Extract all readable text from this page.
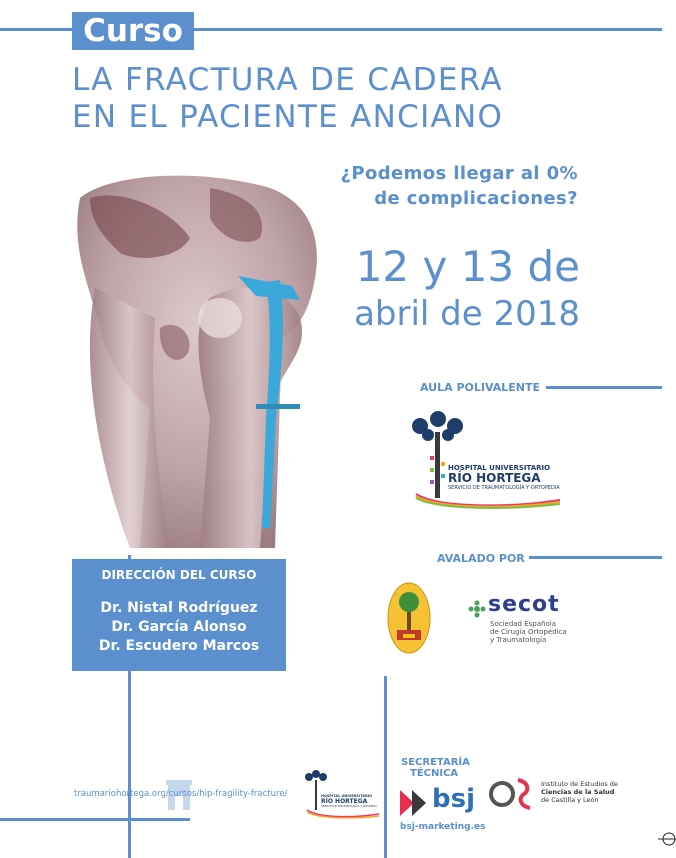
Curso
LA FRACTURA DE CADERA
EN EL PACIENTE ANCIANO
¿Podemos llegar al 0%
de complicaciones?
12 y 13 de
abril de 2018
AULA POLIVALENTE
HOSPITAL UNIVERSITARIO
RÍO HORTEGA
SERVICIO DE TRAUMATOLOGÍA Y ORTOPEDIA
AVALADO POR
secot
Sociedad Española
de Cirugía Ortopédica
y Traumatología
DIRECCIÓN DEL CURSO
Dr. Nistal Rodríguez
Dr. García Alonso
Dr. Escudero Marcos
traumariohortega.org/cursos/hip-fragility-fracture/	HOSPITAL UNIVERSITARIO
RÍO HORTEGA
SERVICIO DE TRAUMATOLOGÍA Y ORTOPEDIA
SECRETARÍA
TÉCNICA
bsj
bsj-marketing.es
Instituto de Estudios de
Ciencias de la Salud
de Castilla y León
